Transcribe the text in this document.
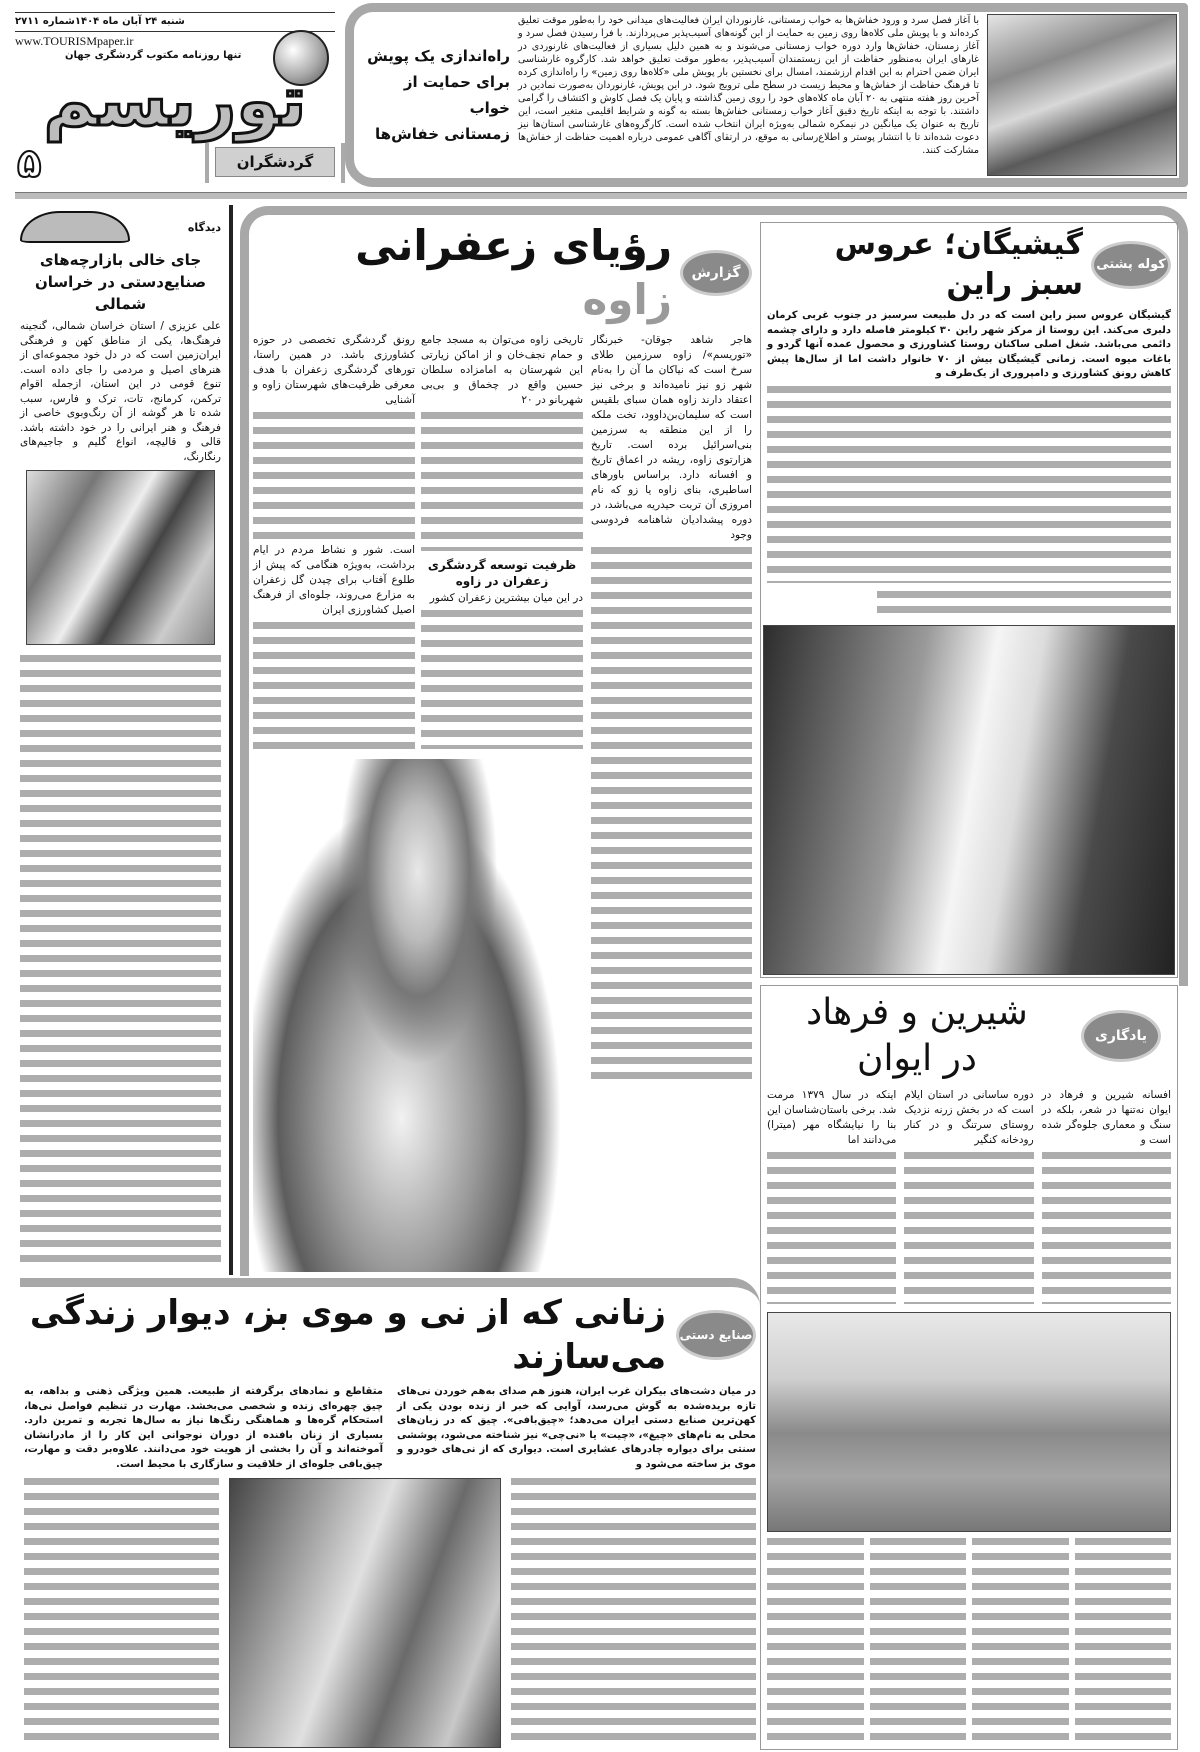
شنبه ۲۴ آبان ماه ۱۴۰۴شماره ۲۷۱۱
www.TOURISMpaper.ir
تنها روزنامه مکتوب گردشگری جهان
توریسم
۵	گردشگران
راه‌اندازی یک پویش
برای حمایت از خواب
زمستانی خفاش‌ها
با آغاز فصل سرد و ورود خفاش‌ها به خواب زمستانی، غارنوردان ایران فعالیت‌های میدانی خود را به‌طور موقت تعلیق کرده‌اند و با پویش ملی کلاه‌ها روی زمین به حمایت از این گونه‌های آسیب‌پذیر می‌پردازند. با فرا رسیدن فصل سرد و آغاز زمستان، خفاش‌ها وارد دوره خواب زمستانی می‌شوند و به همین دلیل بسیاری از فعالیت‌های غارنوردی در غارهای ایران به‌منظور حفاظت از این زیستمندان آسیب‌پذیر، به‌طور موقت تعلیق خواهد شد. کارگروه غارشناسی ایران ضمن احترام به این اقدام ارزشمند، امسال برای نخستین بار پویش ملی «کلاه‌ها روی زمین» را راه‌اندازی کرده تا فرهنگ حفاظت از خفاش‌ها و محیط زیست در سطح ملی ترویج شود. در این پویش، غارنوردان به‌صورت نمادین در آخرین روز هفته منتهی به ۲۰ آبان ماه کلاه‌های خود را روی زمین گذاشته و پایان یک فصل کاوش و اکتشاف را گرامی داشتند. با توجه به اینکه تاریخ دقیق آغاز خواب زمستانی خفاش‌ها بسته به گونه و شرایط اقلیمی متغیر است، این تاریخ به عنوان یک میانگین در نیمکره شمالی به‌ویژه ایران انتخاب شده است. کارگروه‌های غارشناسی استان‌ها نیز دعوت شده‌اند تا با انتشار پوستر و اطلاع‌رسانی به موقع، در ارتقای آگاهی عمومی درباره اهمیت حفاظت از خفاش‌ها مشارکت کنند.
دیدگاه
جای خالی بازارچه‌های صنایع‌دستی در خراسان شمالی
علی عزیزی / استان خراسان شمالی، گنجینه فرهنگ‌ها، یکی از مناطق کهن و فرهنگی ایران‌زمین است که در دل خود مجموعه‌ای از هنرهای اصیل و مردمی را جای داده است. تنوع قومی در این استان، ازجمله اقوام ترکمن، کرمانج، تات، ترک و فارس، سبب شده تا هر گوشه از آن رنگ‌وبوی خاصی از فرهنگ و هنر ایرانی را در خود داشته باشد. قالی و قالیچه، انواع گلیم و جاجیم‌های رنگارنگ،
گزارش
رؤیای زعفرانی زاوه
رونق گردشگری تخصصی در حوزه کشاورزی باشد. در همین راستا، تورهای گردشگری زعفران با هدف معرفی ظرفیت‌های شهرستان زاوه و آشنایی
است. شور و نشاط مردم در ایام برداشت، به‌ویژه هنگامی که پیش از طلوع آفتاب برای چیدن گل زعفران به مزارع می‌روند، جلوه‌ای از فرهنگ اصیل کشاورزی ایران
تاریخی زاوه می‌توان به مسجد جامع و حمام نجف‌خان و از اماکن زیارتی این شهرستان به امامزاده سلطان حسین واقع در چخماق و بی‌بی شهربانو در ۲۰
ظرفیت توسعه گردشگری زعفران در زاوه
در این میان بیشترین زعفران کشور
هاجر شاهد جوقان- خبرنگار «توریسم»/ زاوه سرزمین طلای سرخ است که نیاکان ما آن را به‌نام شهر زو نیز نامیده‌اند و برخی نیز اعتقاد دارند زاوه همان سبای بلقیس است که سلیمان‌بن‌داوود، تخت ملکه را از این منطقه به سرزمین بنی‌اسرائیل برده است. تاریخ هزارتوی زاوه، ریشه در اعماق تاریخ و افسانه دارد. براساس باورهای اساطیری، بنای زاوه یا زو که نام امروزی آن تربت حیدریه می‌باشد، در دوره پیشدادیان شاهنامه فردوسی وجود
کوله پشتی
گیشیگان؛ عروس سبز راین
گیشیگان عروس سبز راین است که در دل طبیعت سرسبز در جنوب غربی کرمان دلبری می‌کند. این روستا از مرکز شهر راین ۳۰ کیلومتر فاصله دارد و دارای چشمه دائمی می‌باشد. شغل اصلی ساکنان روستا کشاورزی و محصول عمده آنها گردو و باغات میوه است. زمانی گیشیگان بیش از ۷۰ خانوار داشت اما از سال‌ها پیش کاهش رونق کشاورزی و دامپروری از یک‌طرف و
یادگاری
شیرین و فرهاد
در ایوان
افسانه شیرین و فرهاد در ایوان نه‌تنها در شعر، بلکه در سنگ و معماری جلوه‌گر شده است و
دوره ساسانی در استان ایلام است که در بخش زرنه نزدیک روستای سرتنگ و در کنار رودخانه کنگیر
اینکه در سال ۱۳۷۹ مرمت شد. برخی باستان‌شناسان این بنا را نیایشگاه مهر (میترا) می‌دانند اما
صنایع دستی
زنانی که از نی و موی بز، دیوار زندگی می‌سازند
متقاطع و نمادهای برگرفته از طبیعت. همین ویژگی ذهنی و بداهه، به چیق چهره‌ای زنده و شخصی می‌بخشد. مهارت در تنظیم فواصل نی‌ها، استحکام گره‌ها و هماهنگی رنگ‌ها نیاز به سال‌ها تجربه و تمرین دارد. بسیاری از زنان بافنده از دوران نوجوانی این کار را از مادرانشان آموخته‌اند و آن را بخشی از هویت خود می‌دانند. علاوه‌بر دقت و مهارت، چیق‌بافی جلوه‌ای از خلاقیت و سازگاری با محیط است.
در میان دشت‌های بیکران غرب ایران، هنوز هم صدای به‌هم خوردن نی‌های تازه بریده‌شده به گوش می‌رسد، آوایی که خبر از زنده بودن یکی از کهن‌ترین صنایع دستی ایران می‌دهد؛ «چیق‌بافی». چیق که در زبان‌های محلی به نام‌های «چیغ»، «چیت» یا «نی‌چی» نیز شناخته می‌شود، پوششی سنتی برای دیواره چادرهای عشایری است. دیواری که از نی‌های خودرو و موی بز ساخته می‌شود و
